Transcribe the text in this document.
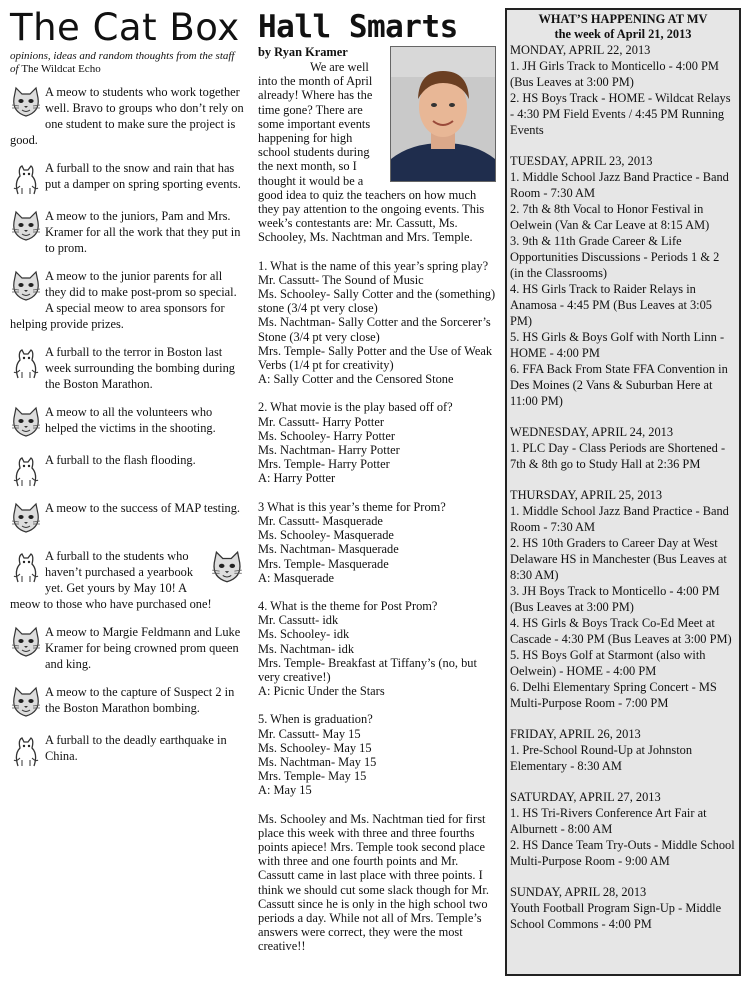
The Cat Box
opinions, ideas and random thoughts from the staff of The Wildcat Echo
A meow to students who work together well. Bravo to groups who don’t rely on one student to make sure the project is good.
A furball to the snow and rain that has put a damper on spring sporting events.
A meow to the juniors, Pam and Mrs. Kramer for all the work that they put in to prom.
A meow to the junior parents for all they did to make post-prom so special. A special meow to area sponsors for helping provide prizes.
A furball to the terror in Boston last week surrounding the bombing during the Boston Marathon.
A meow to all the volunteers who helped the victims in the shooting.
A furball to the flash flooding.
A meow to the success of MAP testing.
A furball to the students who haven’t purchased a yearbook yet. Get yours by May 10! A meow to those who have purchased one!
A meow to Margie Feldmann and Luke Kramer for being crowned prom queen and king.
A meow to the capture of Suspect 2 in the Boston Marathon bombing.
A furball to the deadly earthquake in China.
Hall Smarts
by Ryan Kramer

We are well into the month of April already! Where has the time gone? There are some important events happening for high school students during the next month, so I thought it would be a good idea to quiz the teachers on how much they pay attention to the ongoing events. This week’s contestants are: Mr. Cassutt, Ms. Schooley, Ms. Nachtman and Mrs. Temple.

1. What is the name of this year’s spring play?
Mr. Cassutt- The Sound of Music
Ms. Schooley- Sally Cotter and the (something) stone (3/4 pt very close)
Ms. Nachtman- Sally Cotter and the Sorcerer’s Stone (3/4 pt very close)
Mrs. Temple- Sally Potter and the Use of Weak Verbs (1/4 pt for creativity)
A: Sally Cotter and the Censored Stone

2. What movie is the play based off of?
Mr. Cassutt- Harry Potter
Ms. Schooley- Harry Potter
Ms. Nachtman- Harry Potter
Mrs. Temple- Harry Potter
A: Harry Potter

3 What is this year’s theme for Prom?
Mr. Cassutt- Masquerade
Ms. Schooley- Masquerade
Ms. Nachtman- Masquerade
Mrs. Temple- Masquerade
A: Masquerade

4. What is the theme for Post Prom?
Mr. Cassutt- idk
Ms. Schooley- idk
Ms. Nachtman- idk
Mrs. Temple- Breakfast at Tiffany’s (no, but very creative!)
A: Picnic Under the Stars

5. When is graduation?
Mr. Cassutt- May 15
Ms. Schooley- May 15
Ms. Nachtman- May 15
Mrs. Temple- May 15
A: May 15

Ms. Schooley and Ms. Nachtman tied for first place this week with three and three fourths points apiece! Mrs. Temple took second place with three and one fourth points and Mr. Cassutt came in last place with three points. I think we should cut some slack though for Mr. Cassutt since he is only in the high school two periods a day. While not all of Mrs. Temple’s answers were correct, they were the most creative!!

WHAT’S HAPPENING AT MV
the week of April 21, 2013
MONDAY, APRIL 22, 2013
1. JH Girls Track to Monticello - 4:00 PM (Bus Leaves at 3:00 PM)
2. HS Boys Track - HOME - Wildcat Relays - 4:30 PM Field Events / 4:45 PM Running Events
TUESDAY, APRIL 23, 2013
1. Middle School Jazz Band Practice - Band Room - 7:30 AM
2. 7th & 8th Vocal to Honor Festival in Oelwein (Van & Car Leave at 8:15 AM)
3. 9th & 11th Grade Career & Life Opportunities Discussions - Periods 1 & 2 (in the Classrooms)
4. HS Girls Track to Raider Relays in Anamosa - 4:45 PM (Bus Leaves at 3:05 PM)
5. HS Girls & Boys Golf with North Linn - HOME - 4:00 PM
6. FFA Back From State FFA Convention in Des Moines (2 Vans & Suburban Here at 11:00 PM)
WEDNESDAY, APRIL 24, 2013
1. PLC Day - Class Periods are Shortened - 7th & 8th go to Study Hall at 2:36 PM
THURSDAY, APRIL 25, 2013
1. Middle School Jazz Band Practice - Band Room - 7:30 AM
2. HS 10th Graders to Career Day at West Delaware HS in Manchester (Bus Leaves at 8:30 AM)
3. JH Boys Track to Monticello - 4:00 PM (Bus Leaves at 3:00 PM)
4. HS Girls & Boys Track Co-Ed Meet at Cascade - 4:30 PM (Bus Leaves at 3:00 PM)
5. HS Boys Golf at Starmont (also with Oelwein) - HOME - 4:00 PM
6. Delhi Elementary Spring Concert - MS Multi-Purpose Room - 7:00 PM
FRIDAY, APRIL 26, 2013
1. Pre-School Round-Up at Johnston Elementary - 8:30 AM
SATURDAY, APRIL 27, 2013
1. HS Tri-Rivers Conference Art Fair at Alburnett - 8:00 AM
2. HS Dance Team Try-Outs - Middle School Multi-Purpose Room - 9:00 AM
SUNDAY, APRIL 28, 2013
Youth Football Program Sign-Up - Middle School Commons - 4:00 PM
